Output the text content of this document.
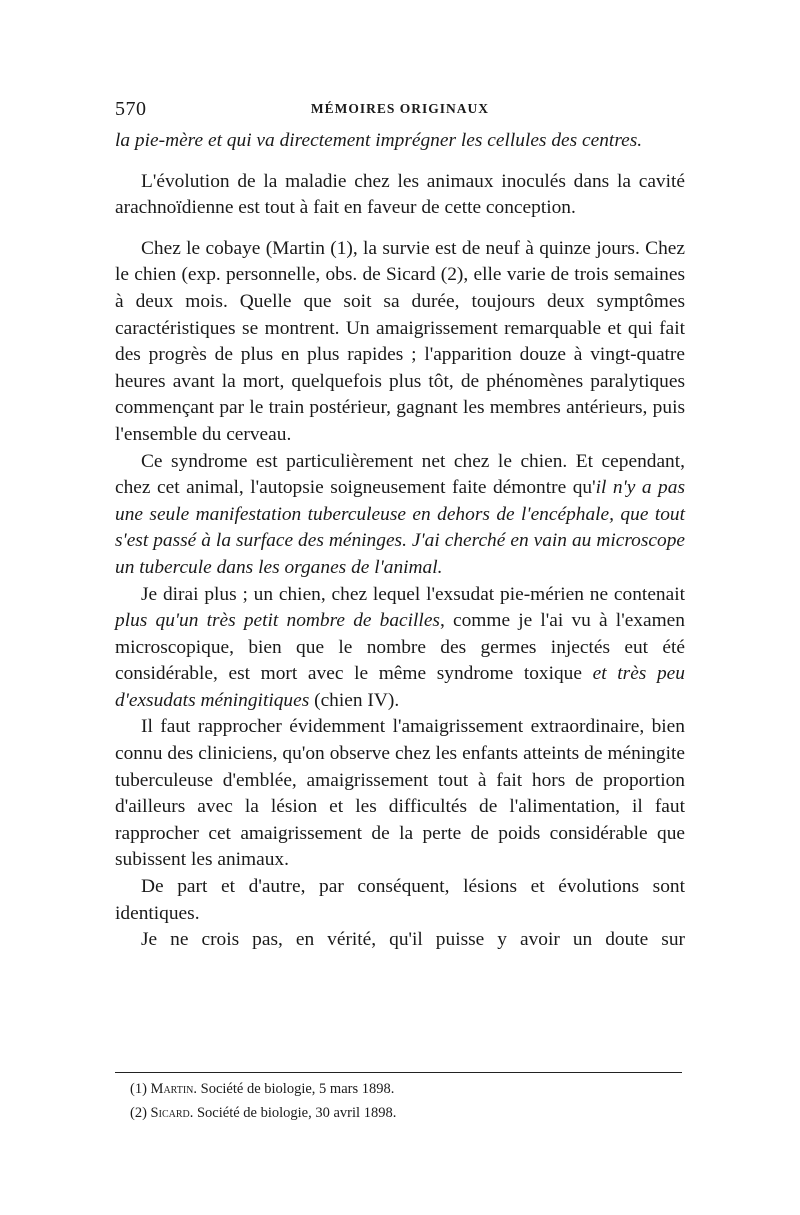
570	MÉMOIRES ORIGINAUX

la pie-mère et qui va directement imprégner les cellules des centres.

L'évolution de la maladie chez les animaux inoculés dans la cavité arachnoïdienne est tout à fait en faveur de cette conception.

Chez le cobaye (Martin (1), la survie est de neuf à quinze jours. Chez le chien (exp. personnelle, obs. de Sicard (2), elle varie de trois semaines à deux mois. Quelle que soit sa durée, toujours deux symptômes caractéristiques se montrent. Un amaigrissement remarquable et qui fait des progrès de plus en plus rapides ; l'apparition douze à vingt-quatre heures avant la mort, quelquefois plus tôt, de phénomènes paralytiques commençant par le train postérieur, gagnant les membres antérieurs, puis l'ensemble du cerveau.

Ce syndrome est particulièrement net chez le chien. Et cependant, chez cet animal, l'autopsie soigneusement faite démontre qu'il n'y a pas une seule manifestation tuberculeuse en dehors de l'encéphale, que tout s'est passé à la surface des méninges. J'ai cherché en vain au microscope un tubercule dans les organes de l'animal.

Je dirai plus ; un chien, chez lequel l'exsudat pie-mérien ne contenait plus qu'un très petit nombre de bacilles, comme je l'ai vu à l'examen microscopique, bien que le nombre des germes injectés eut été considérable, est mort avec le même syndrome toxique et très peu d'exsudats méningitiques (chien IV).

Il faut rapprocher évidemment l'amaigrissement extraordinaire, bien connu des cliniciens, qu'on observe chez les enfants atteints de méningite tuberculeuse d'emblée, amaigrissement tout à fait hors de proportion d'ailleurs avec la lésion et les difficultés de l'alimentation, il faut rapprocher cet amaigrissement de la perte de poids considérable que subissent les animaux.

De part et d'autre, par conséquent, lésions et évolutions sont identiques.

Je ne crois pas, en vérité, qu'il puisse y avoir un doute sur

(1) Martin. Société de biologie, 5 mars 1898.
(2) Sicard. Société de biologie, 30 avril 1898.
